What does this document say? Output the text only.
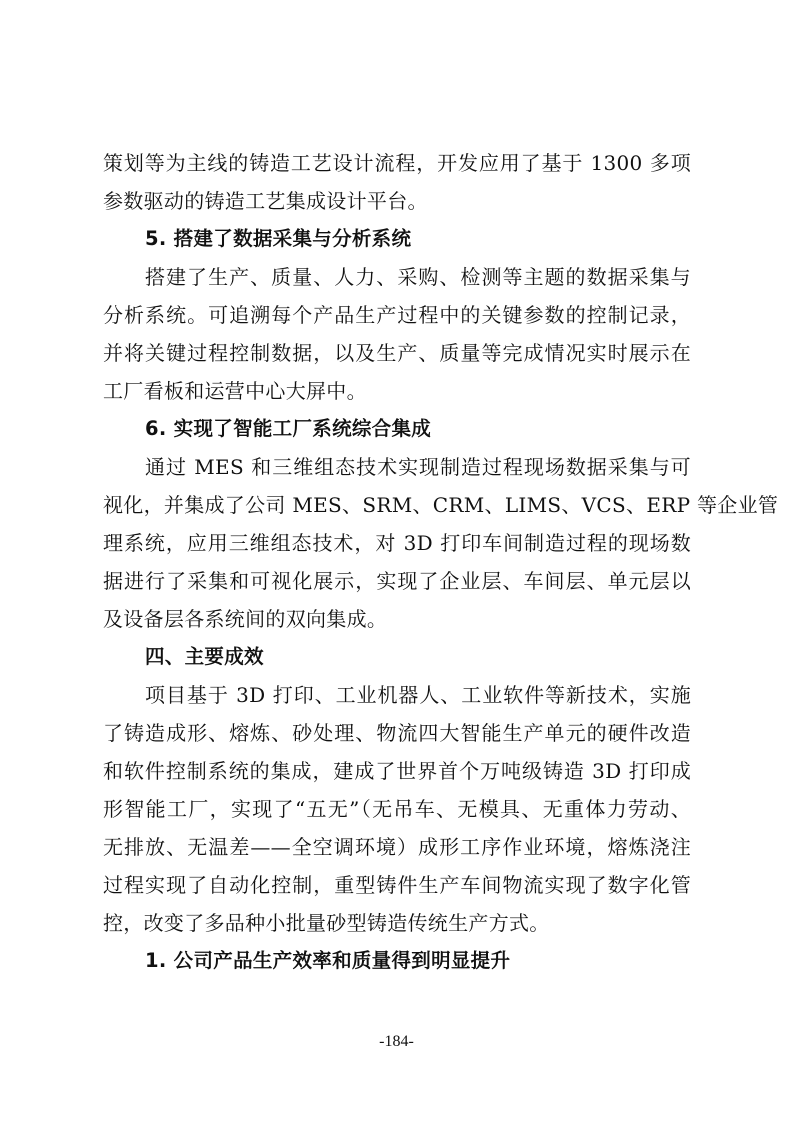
策划等为主线的铸造工艺设计流程，开发应用了基于 1300 多项
参数驱动的铸造工艺集成设计平台。
5. 搭建了数据采集与分析系统
搭建了生产、质量、人力、采购、检测等主题的数据采集与
分析系统。可追溯每个产品生产过程中的关键参数的控制记录，
并将关键过程控制数据，以及生产、质量等完成情况实时展示在
工厂看板和运营中心大屏中。
6. 实现了智能工厂系统综合集成
通过 MES 和三维组态技术实现制造过程现场数据采集与可
视化，并集成了公司 MES、SRM、CRM、LIMS、VCS、ERP 等企业管
理系统，应用三维组态技术，对 3D 打印车间制造过程的现场数
据进行了采集和可视化展示，实现了企业层、车间层、单元层以
及设备层各系统间的双向集成。
四、主要成效
项目基于 3D 打印、工业机器人、工业软件等新技术，实施
了铸造成形、熔炼、砂处理、物流四大智能生产单元的硬件改造
和软件控制系统的集成，建成了世界首个万吨级铸造 3D 打印成
形智能工厂，实现了“五无”（无吊车、无模具、无重体力劳动、
无排放、无温差——全空调环境）成形工序作业环境，熔炼浇注
过程实现了自动化控制，重型铸件生产车间物流实现了数字化管
控，改变了多品种小批量砂型铸造传统生产方式。
1. 公司产品生产效率和质量得到明显提升
-184-
